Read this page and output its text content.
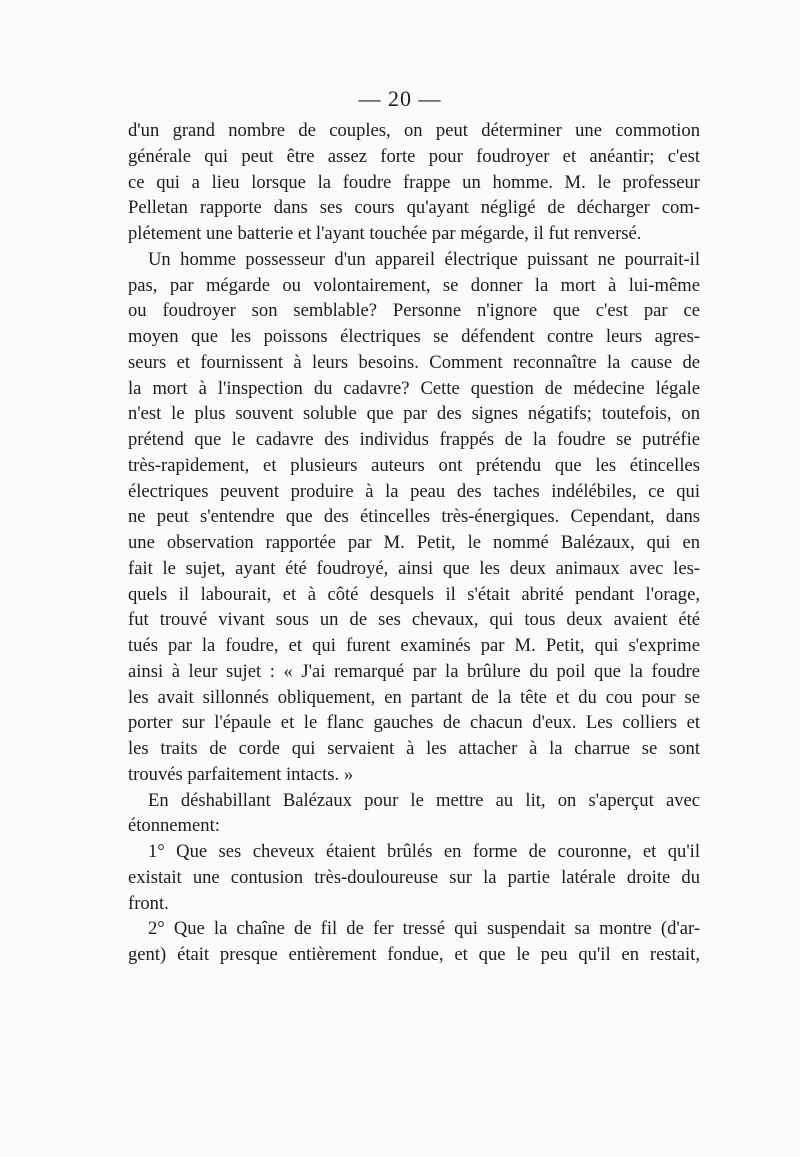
— 20 —
d'un grand nombre de couples, on peut déterminer une commotion
générale qui peut être assez forte pour foudroyer et anéantir; c'est
ce qui a lieu lorsque la foudre frappe un homme. M. le professeur
Pelletan rapporte dans ses cours qu'ayant négligé de décharger com-
plétement une batterie et l'ayant touchée par mégarde, il fut renversé.
Un homme possesseur d'un appareil électrique puissant ne pourrait-il
pas, par mégarde ou volontairement, se donner la mort à lui-même
ou foudroyer son semblable? Personne n'ignore que c'est par ce
moyen que les poissons électriques se défendent contre leurs agres-
seurs et fournissent à leurs besoins. Comment reconnaître la cause de
la mort à l'inspection du cadavre? Cette question de médecine légale
n'est le plus souvent soluble que par des signes négatifs; toutefois, on
prétend que le cadavre des individus frappés de la foudre se putréfie
très-rapidement, et plusieurs auteurs ont prétendu que les étincelles
électriques peuvent produire à la peau des taches indélébiles, ce qui
ne peut s'entendre que des étincelles très-énergiques. Cependant, dans
une observation rapportée par M. Petit, le nommé Balézaux, qui en
fait le sujet, ayant été foudroyé, ainsi que les deux animaux avec les-
quels il labourait, et à côté desquels il s'était abrité pendant l'orage,
fut trouvé vivant sous un de ses chevaux, qui tous deux avaient été
tués par la foudre, et qui furent examinés par M. Petit, qui s'exprime
ainsi à leur sujet : « J'ai remarqué par la brûlure du poil que la foudre
les avait sillonnés obliquement, en partant de la tête et du cou pour se
porter sur l'épaule et le flanc gauches de chacun d'eux. Les colliers et
les traits de corde qui servaient à les attacher à la charrue se sont
trouvés parfaitement intacts. »
En déshabillant Balézaux pour le mettre au lit, on s'aperçut avec
étonnement:
1° Que ses cheveux étaient brûlés en forme de couronne, et qu'il
existait une contusion très-douloureuse sur la partie latérale droite du
front.
2° Que la chaîne de fil de fer tressé qui suspendait sa montre (d'ar-
gent) était presque entièrement fondue, et que le peu qu'il en restait,
